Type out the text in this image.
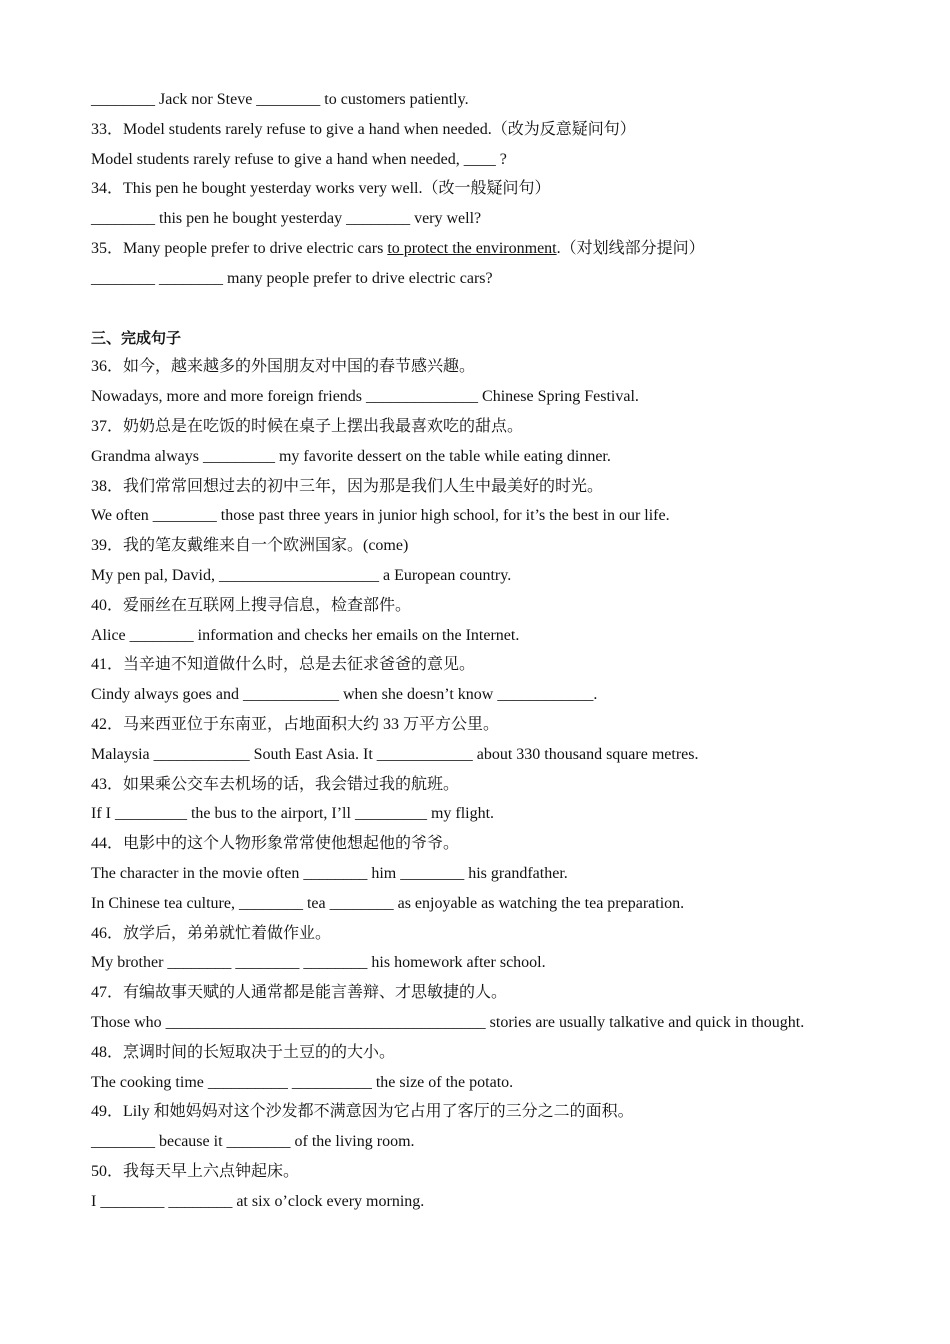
________ Jack nor Steve ________ to customers patiently.
33．Model students rarely refuse to give a hand when needed.（改为反意疑问句）
Model students rarely refuse to give a hand when needed, ____ ?
34．This pen he bought yesterday works very well.（改一般疑问句）
________ this pen he bought yesterday ________ very well?
35．Many people prefer to drive electric cars to protect the environment.（对划线部分提问）
________ ________ many people prefer to drive electric cars?
三、完成句子
36．如今，越来越多的外国朋友对中国的春节感兴趣。
Nowadays, more and more foreign friends ______________ Chinese Spring Festival.
37．奶奶总是在吃饭的时候在桌子上摆出我最喜欢吃的甜点。
Grandma always _________ my favorite dessert on the table while eating dinner.
38．我们常常回想过去的初中三年，因为那是我们人生中最美好的时光。
We often ________ those past three years in junior high school, for it’s the best in our life.
39．我的笔友戴维来自一个欧洲国家。(come)
My pen pal, David, ____________________ a European country.
40．爱丽丝在互联网上搜寻信息，检查部件。
Alice ________ information and checks her emails on the Internet.
41．当辛迪不知道做什么时，总是去征求爸爸的意见。
Cindy always goes and ____________ when she doesn’t know ____________.
42．马来西亚位于东南亚，占地面积大约 33 万平方公里。
Malaysia ____________ South East Asia. It ____________ about 330 thousand square metres.
43．如果乘公交车去机场的话，我会错过我的航班。
If I _________ the bus to the airport, I’ll _________ my flight.
44．电影中的这个人物形象常常使他想起他的爷爷。
The character in the movie often ________ him ________ his grandfather.
In Chinese tea culture, ________ tea ________ as enjoyable as watching the tea preparation.
46．放学后，弟弟就忙着做作业。
My brother ________ ________ ________ his homework after school.
47．有编故事天赋的人通常都是能言善辩、才思敏捷的人。
Those who ________________________________________ stories are usually talkative and quick in thought.
48．烹调时间的长短取决于土豆的的大小。
The cooking time __________ __________ the size of the potato.
49．Lily 和她妈妈对这个沙发都不满意因为它占用了客厅的三分之二的面积。
________ because it ________ of the living room.
50．我每天早上六点钟起床。
I ________ ________ at six o’clock every morning.
